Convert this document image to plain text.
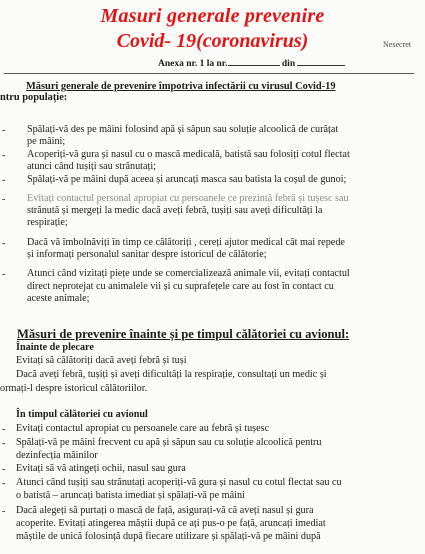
Masuri generale prevenire
Covid- 19(coronavirus)	Nesecret
Anexa nr. 1 la nr.	din
Măsuri generale de prevenire împotriva infectării cu virusul Covid-19
ntru populație:
- Spălați-vă des pe mâini folosind apă și săpun sau soluție alcoolică de curățat
pe mâini;
- Acoperiți-vă gura și nasul cu o mască medicală, batistă sau folosiți cotul flectat
atunci când tușiți sau strănutați;
- Spălați-vă pe mâini după aceea și aruncați masca sau batista la coșul de gunoi;
- Evitați contactul personal apropiat cu persoanele ce prezintă febră și tușesc sau
strănută și mergeți la medic dacă aveți febră, tușiți sau aveți dificultăți la
respirație;
- Dacă vă îmbolnăviți în timp ce călătoriți , cereți ajutor medical cât mai repede
și informați personalul sanitar despre istoricul de călătorie;
- Atunci când vizitați piețe unde se comercializează animale vii, evitați contactul
direct neprotejat cu animalele vii și cu suprafețele care au fost în contact cu
aceste animale;
Măsuri de prevenire înainte și pe timpul călătoriei cu avionul:
Înainte de plecare
Evitați să călătoriți dacă aveți febră și tuși
Dacă aveți febră, tușiți și aveți dificultăți la respirație, consultați un medic și
ormați-l despre istoricul călătoriilor.
În timpul călătoriei cu avionul
- Evitați contactul apropiat cu persoanele care au febră și tușesc
- Spălați-vă pe mâini frecvent cu apă și săpun sau cu soluție alcoolică pentru
dezinfecția mâinilor
- Evitați să vă atingeți ochii, nasul sau gura
- Atunci când tușiți sau strănutați acoperiți-vă gura și nasul cu cotul flectat sau cu
o batistă – aruncați batista imediat și spălați-vă pe mâini
- Dacă alegeți să purtați o mască de față, asigurați-vă că aveți nasul și gura
acoperite. Evitați atingerea măștii după ce ați pus-o pe față, aruncați imediat
măștile de unică folosință după fiecare utilizare și spălați-vă pe mâini după
